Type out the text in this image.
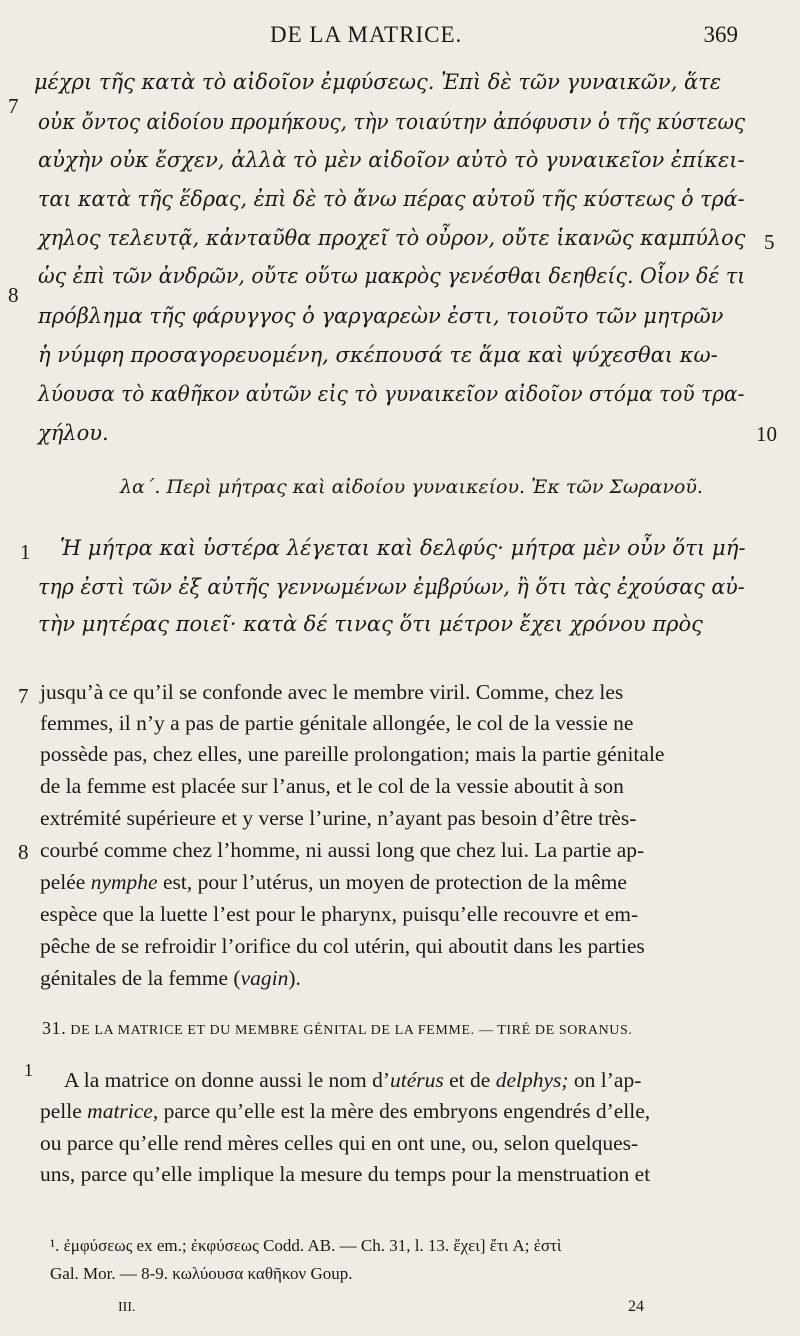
DE LA MATRICE.	369
7
8
5
10

μέχρι τῆς κατὰ τὸ αἰδοῖον ἐμφύσεως. Ἐπὶ δὲ τῶν γυναικῶν, ἅτε

οὐκ ὄντος αἰδοίου προμήκους, τὴν τοιαύτην ἀπόφυσιν ὁ τῆς κύστεως

αὐχὴν οὐκ ἔσχεν, ἀλλὰ τὸ μὲν αἰδοῖον αὐτὸ τὸ γυναικεῖον ἐπίκει-

ται κατὰ τῆς ἕδρας, ἐπὶ δὲ τὸ ἄνω πέρας αὐτοῦ τῆς κύστεως ὁ τρά-

χηλος τελευτᾷ, κἀνταῦθα προχεῖ τὸ οὖρον, οὔτε ἱκανῶς καμπύλος

ὡς ἐπὶ τῶν ἀνδρῶν, οὔτε οὕτω μακρὸς γενέσθαι δεηθείς. Οἷον δέ τι

πρόβλημα τῆς φάρυγγος ὁ γαργαρεὼν ἐστι, τοιοῦτο τῶν μητρῶν

ἡ νύμφη προσαγορευομένη, σκέπουσά τε ἅμα καὶ ψύχεσθαι κω-

λύουσα τὸ καθῆκον αὐτῶν εἰς τὸ γυναικεῖον αἰδοῖον στόμα τοῦ τρα-

χήλου.

λα΄. Περὶ μήτρας καὶ αἰδοίου γυναικείου. Ἐκ τῶν Σωρανοῦ.
1 Ἡ μήτρα καὶ ὑστέρα λέγεται καὶ δελφύς· μήτρα μὲν οὖν ὅτι μή-

τηρ ἐστὶ τῶν ἐξ αὐτῆς γεννωμένων ἐμβρύων, ἢ ὅτι τὰς ἐχούσας αὐ-

τὴν μητέρας ποιεῖ· κατὰ δέ τινας ὅτι μέτρον ἔχει χρόνου πρὸς

7
8

jusqu’à ce qu’il se confonde avec le membre viril. Comme, chez les

femmes, il n’y a pas de partie génitale allongée, le col de la vessie ne

possède pas, chez elles, une pareille prolongation; mais la partie génitale

de la femme est placée sur l’anus, et le col de la vessie aboutit à son

extrémité supérieure et y verse l’urine, n’ayant pas besoin d’être très-

courbé comme chez l’homme, ni aussi long que chez lui. La partie ap-

pelée nymphe est, pour l’utérus, un moyen de protection de la même

espèce que la luette l’est pour le pharynx, puisqu’elle recouvre et em-

pêche de se refroidir l’orifice du col utérin, qui aboutit dans les parties

génitales de la femme (vagin).

31. DE LA MATRICE ET DU MEMBRE GÉNITAL DE LA FEMME. — TIRÉ DE SORANUS.
1 A la matrice on donne aussi le nom d’utérus et de delphys; on l’ap-

pelle matrice, parce qu’elle est la mère des embryons engendrés d’elle,

ou parce qu’elle rend mères celles qui en ont une, ou, selon quelques-

uns, parce qu’elle implique la mesure du temps pour la menstruation et

¹. ἐμφύσεως ex em.; ἐκφύσεως Codd. AB. — Ch. 31, l. 13. ἔχει] ἔτι A; ἐστὶ

Gal. Mor. — 8-9. κωλύουσα καθῆκον Goup.

III.	24
